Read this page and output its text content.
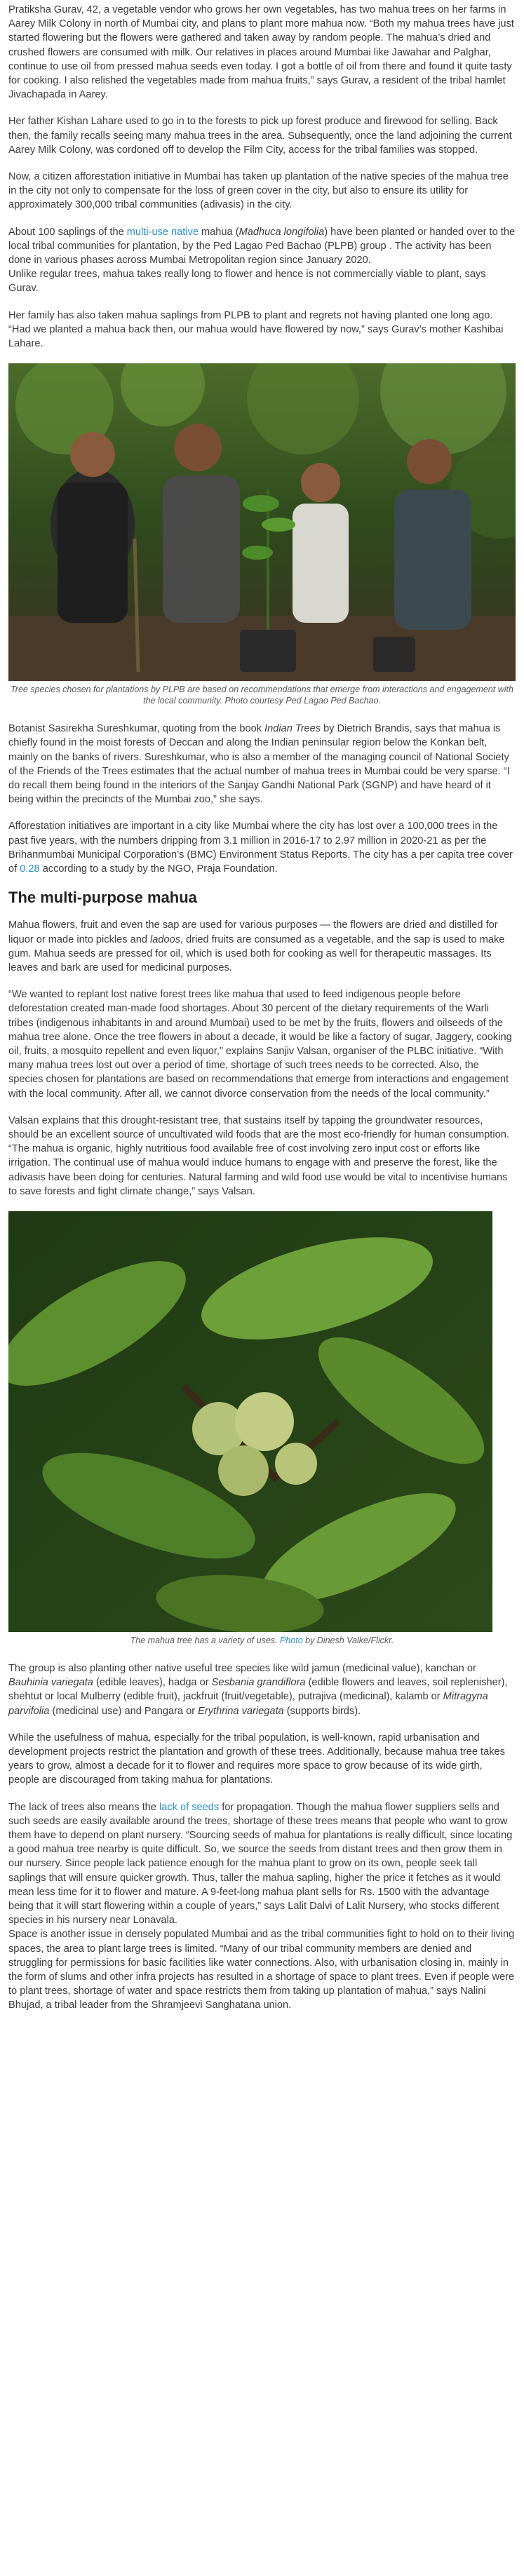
Pratiksha Gurav, 42, a vegetable vendor who grows her own vegetables, has two mahua trees on her farms in Aarey Milk Colony in north of Mumbai city, and plans to plant more mahua now. “Both my mahua trees have just started flowering but the flowers were gathered and taken away by random people. The mahua’s dried and crushed flowers are consumed with milk. Our relatives in places around Mumbai like Jawahar and Palghar, continue to use oil from pressed mahua seeds even today. I got a bottle of oil from there and found it quite tasty for cooking. I also relished the vegetables made from mahua fruits,” says Gurav, a resident of the tribal hamlet Jivachapada in Aarey.

Her father Kishan Lahare used to go in to the forests to pick up forest produce and firewood for selling. Back then, the family recalls seeing many mahua trees in the area. Subsequently, once the land adjoining the current Aarey Milk Colony, was cordoned off to develop the Film City, access for the tribal families was stopped.

Now, a citizen afforestation initiative in Mumbai has taken up plantation of the native species of the mahua tree in the city not only to compensate for the loss of green cover in the city, but also to ensure its utility for approximately 300,000 tribal communities (adivasis) in the city.

About 100 saplings of the multi-use native mahua (Madhuca longifolia) have been planted or handed over to the local tribal communities for plantation, by the Ped Lagao Ped Bachao (PLPB) group . The activity has been done in various phases across Mumbai Metropolitan region since January 2020.

Unlike regular trees, mahua takes really long to flower and hence is not commercially viable to plant, says Gurav.

Her family has also taken mahua saplings from PLPB to plant and regrets not having planted one long ago. “Had we planted a mahua back then, our mahua would have flowered by now,” says Gurav’s mother Kashibai Lahare.

Tree species chosen for plantations by PLPB are based on recommendations that emerge from interactions and engagement with the local community. Photo courtesy Ped Lagao Ped Bachao.

Botanist Sasirekha Sureshkumar, quoting from the book Indian Trees by Dietrich Brandis, says that mahua is chiefly found in the moist forests of Deccan and along the Indian peninsular region below the Konkan belt, mainly on the banks of rivers. Sureshkumar, who is also a member of the managing council of National Society of the Friends of the Trees estimates that the actual number of mahua trees in Mumbai could be very sparse. “I do recall them being found in the interiors of the Sanjay Gandhi National Park (SGNP) and have heard of it being within the precincts of the Mumbai zoo,” she says.

Afforestation initiatives are important in a city like Mumbai where the city has lost over a 100,000 trees in the past five years, with the numbers dripping from 3.1 million in 2016-17 to 2.97 million in 2020-21 as per the Brihanmumbai Municipal Corporation’s (BMC) Environment Status Reports. The city has a per capita tree cover of 0.28 according to a study by the NGO, Praja Foundation.

The multi-purpose mahua

Mahua flowers, fruit and even the sap are used for various purposes — the flowers are dried and distilled for liquor or made into pickles and ladoos, dried fruits are consumed as a vegetable, and the sap is used to make gum. Mahua seeds are pressed for oil, which is used both for cooking as well for therapeutic massages. Its leaves and bark are used for medicinal purposes.

“We wanted to replant lost native forest trees like mahua that used to feed indigenous people before deforestation created man-made food shortages. About 30 percent of the dietary requirements of the Warli tribes (indigenous inhabitants in and around Mumbai) used to be met by the fruits, flowers and oilseeds of the mahua tree alone. Once the tree flowers in about a decade, it would be like a factory of sugar, Jaggery, cooking oil, fruits, a mosquito repellent and even liquor,” explains Sanjiv Valsan, organiser of the PLBC initiative. “With many mahua trees lost out over a period of time, shortage of such trees needs to be corrected. Also, the species chosen for plantations are based on recommendations that emerge from interactions and engagement with the local community. After all, we cannot divorce conservation from the needs of the local community.”

Valsan explains that this drought-resistant tree, that sustains itself by tapping the groundwater resources, should be an excellent source of uncultivated wild foods that are the most eco-friendly for human consumption. “The mahua is organic, highly nutritious food available free of cost involving zero input cost or efforts like irrigation. The continual use of mahua would induce humans to engage with and preserve the forest, like the adivasis have been doing for centuries. Natural farming and wild food use would be vital to incentivise humans to save forests and fight climate change,” says Valsan.

The mahua tree has a variety of uses. Photo by Dinesh Valke/Flickr.

The group is also planting other native useful tree species like wild jamun (medicinal value), kanchan or Bauhinia variegata (edible leaves), hadga or Sesbania grandiflora (edible flowers and leaves, soil replenisher), shehtut or local Mulberry (edible fruit), jackfruit (fruit/vegetable), putrajiva (medicinal), kalamb or Mitragyna parvifolia (medicinal use) and Pangara or Erythrina variegata (supports birds).

While the usefulness of mahua, especially for the tribal population, is well-known, rapid urbanisation and development projects restrict the plantation and growth of these trees. Additionally, because mahua tree takes years to grow, almost a decade for it to flower and requires more space to grow because of its wide girth, people are discouraged from taking mahua for plantations.

The lack of trees also means the lack of seeds for propagation. Though the mahua flower suppliers sells and such seeds are easily available around the trees, shortage of these trees means that people who want to grow them have to depend on plant nursery. “Sourcing seeds of mahua for plantations is really difficult, since locating a good mahua tree nearby is quite difficult. So, we source the seeds from distant trees and then grow them in our nursery. Since people lack patience enough for the mahua plant to grow on its own, people seek tall saplings that will ensure quicker growth. Thus, taller the mahua sapling, higher the price it fetches as it would mean less time for it to flower and mature. A 9-feet-long mahua plant sells for Rs. 1500 with the advantage being that it will start flowering within a couple of years,” says Lalit Dalvi of Lalit Nursery, who stocks different species in his nursery near Lonavala.

Space is another issue in densely populated Mumbai and as the tribal communities fight to hold on to their living spaces, the area to plant large trees is limited. “Many of our tribal community members are denied and struggling for permissions for basic facilities like water connections. Also, with urbanisation closing in, mainly in the form of slums and other infra projects has resulted in a shortage of space to plant trees. Even if people were to plant trees, shortage of water and space restricts them from taking up plantation of mahua,” says Nalini Bhujad, a tribal leader from the Shramjeevi Sanghatana union.
